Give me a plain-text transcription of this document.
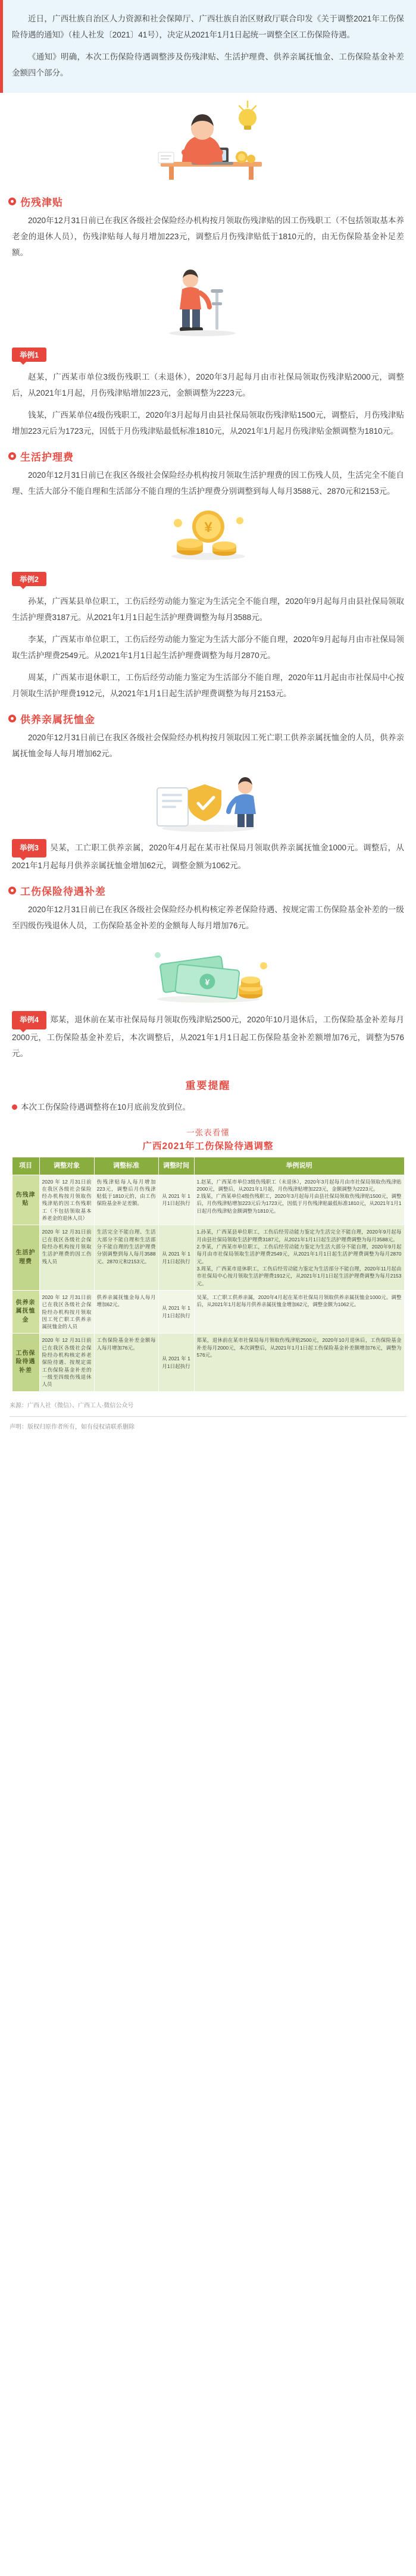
近日，广西壮族自治区人力资源和社会保障厅、广西壮族自治区财政厅联合印发《关于调整2021年工伤保险待遇的通知》（桂人社发〔2021〕41号），决定从2021年1月1日起统一调整全区工伤保险待遇。

《通知》明确，本次工伤保险待遇调整涉及伤残津贴、生活护理费、供养亲属抚恤金、工伤保险基金补差金额四个部分。

伤残津贴

2020年12月31日前已在我区各级社会保险经办机构按月领取伤残津贴的因工伤残职工（不包括领取基本养老金的退休人员），伤残津贴每人每月增加223元，调整后月伤残津贴低于1810元的，由无伤保险基金补足差额。

举例1

赵某，广西某市单位3级伤残职工（未退休），2020年3月起每月由市社保局领取伤残津贴2000元，调整后，从2021年1月起，月伤残津贴增加223元，金额调整为2223元。

钱某，广西某单位4级伤残职工，2020年3月起每月由县社保局领取伤残津贴1500元，调整后，月伤残津贴增加223元后为1723元，因低于月伤残津贴最低标准1810元，从2021年1月起月伤残津贴金额调整为1810元。

生活护理费

2020年12月31日前已在我区各级社会保险经办机构按月领取生活护理费的因工伤残人员，生活完全不能自理、生活大部分不能自理和生活部分不能自理的生活护理费分别调整到每人每月3588元、2870元和2153元。

¥
举例2

孙某，广西某县单位职工，工伤后经劳动能力鉴定为生活完全不能自理，2020年9月起每月由县社保局领取生活护理费3187元。从2021年1月1日起生活护理费调整为每月3588元。

李某，广西某市单位职工，工伤后经劳动能力鉴定为生活大部分不能自理，2020年9月起每月由市社保局领取生活护理费2549元。从2021年1月1日起生活护理费调整为每月2870元。

周某，广西某市退休职工，工伤后经劳动能力鉴定为生活部分不能自理，2020年11月起由市社保局中心按月领取生活护理费1912元，从2021年1月1日起生活护理费调整为每月2153元。

供养亲属抚恤金

2020年12月31日前已在我区各级社会保险经办机构按月领取因工死亡职工供养亲属抚恤金的人员，供养亲属抚恤金每人每月增加62元。

举例3 吴某，工亡职工供养亲属，2020年4月起在某市社保局月领取供养亲属抚恤金1000元。调整后，从2021年1月起每月供养亲属抚恤金增加62元，调整金额为1062元。
工伤保险待遇补差

2020年12月31日前已在我区各级社会保险经办机构核定养老保险待遇、按规定需工伤保险基金补差的一级至四级伤残退休人员，工伤保险基金补差的金额每人每月增加76元。

¥
举例4 郑某，退休前在某市社保局每月领取伤残津贴2500元，2020年10月退休后，工伤保险基金补差每月2000元，工伤保险基金补差后，本次调整后，从2021年1月1日起工伤保险基金补差额增加76元，调整为576元。
重要提醒
本次工伤保险待遇调整将在10月底前发放到位。
一张表看懂
广西2021年工伤保险待遇调整
项目	调整对象	调整标准	调整时间	举例说明
伤残津贴	2020 年 12 月31日前在我区各级社会保险经办机构按月领取伤残津贴的因工伤残职工（不包括领取基本养老金的退休人员）	伤残津贴每人每月增加223元，调整后月伤残津贴低于1810元的，由工伤保险基金补足差额。	从 2021 年 1 月1日起执行	1.赵某，广西某市单位3级伤残职工（未退休），2020年3月起每月由市社保局领取伤残津贴2000元，调整后，从2021年1月起，月伤残津贴增加223元，金额调整为2223元。
2.钱某，广西某单位4级伤残职工，2020年3月起每月由县社保局领取伤残津贴1500元，调整后，月伤残津贴增加223元后为1723元，因低于月伤残津贴最低标准1810元，从2021年1月1日起月伤残津贴金额调整为1810元。
生活护理费	2020 年 12 月31日前已在我区各级社会保险经办机构按月领取生活护理费的因工伤残人员	生活完全不能自理、生活大部分不能自理和生活部分不能自理的生活护理费分别调整到每人每月3588元、2870元和2153元。	从 2021 年 1 月1日起执行	1.孙某，广西某县单位职工，工伤后经劳动能力鉴定为生活完全不能自理，2020年9月起每月由县社保局领取生活护理费3187元，从2021年1月1日起生活护理费调整为每月3588元。
2.李某，广西某市单位职工，工伤后经劳动能力鉴定为生活大部分不能自理，2020年9月起每月由市社保局领取生活护理费2549元，从2021年1月1日起生活护理费调整为每月2870元。
3.周某，广西某市退休职工，工伤后经劳动能力鉴定为生活部分不能自理，2020年11月起由市社保局中心按月领取生活护理费1912元，从2021年1月1日起生活护理费调整为每月2153元。
供养亲属抚恤金	2020 年 12 月31日前已在我区各级社会保险经办机构按月领取因工死亡职工供养亲属抚恤金的人员	供养亲属抚恤金每人每月增加62元。	从 2021 年 1 月1日起执行	吴某，工亡职工供养亲属，2020年4月起在某市社保局月领取供养亲属抚恤金1000元。调整后，从2021年1月起每月供养亲属抚恤金增加62元，调整金额为1062元。
工伤保险待遇补差	2020 年 12 月31日前已在我区各级社会保险经办机构核定养老保险待遇、按规定需工伤保险基金补差的一级至四级伤残退休人员	工伤保险基金补差金额每人每月增加76元。	从 2021 年 1 月1日起执行	郑某，退休前在某市社保局每月领取伤残津贴2500元，2020年10月退休后，工伤保险基金补差每月2000元，本次调整后，从2021年1月1日起工伤保险基金补差额增加76元，调整为576元。
来源：广西人社（微信）、广西工人·微信公众号
声明：版权归原作者所有，如有侵权请联系删除
